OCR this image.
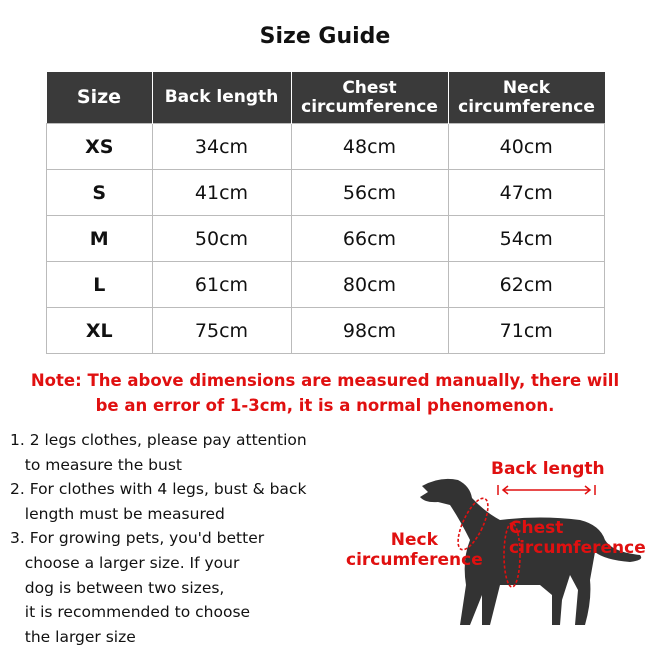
Size Guide
Size	Back length	Chest circumference	Neck circumference
XS	34cm	48cm	40cm
S	41cm	56cm	47cm
M	50cm	66cm	54cm
L	61cm	80cm	62cm
XL	75cm	98cm	71cm
Note: The above dimensions are measured manually, there will
be an error of 1-3cm, it is a normal phenomenon.
1. 2 legs clothes, please pay attention
to measure the bust
2. For clothes with 4 legs, bust & back
length must be measured
3. For growing pets, you'd better
choose a larger size. If your
dog is between two sizes,
it is recommended to choose
the larger size
Back length
Chest
circumference
Neck
circumference
